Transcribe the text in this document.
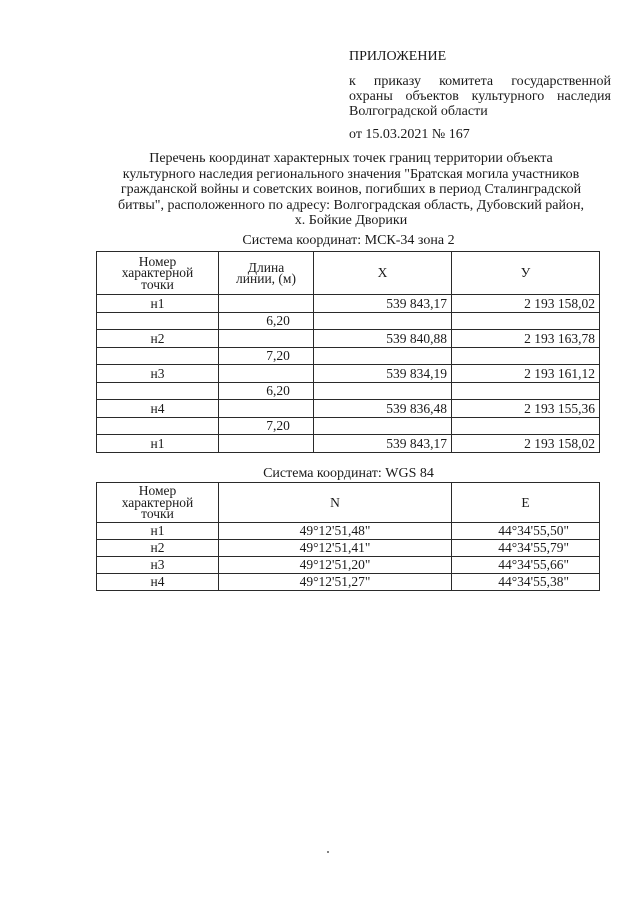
ПРИЛОЖЕНИЕ
к приказу комитета государственной
охраны объектов культурного наследия
Волгоградской области
от 15.03.2021 № 167
Перечень координат характерных точек границ территории объекта
культурного наследия регионального значения "Братская могила участников
гражданской войны и советских воинов, погибших в период Сталинградской
битвы", расположенного по адресу: Волгоградская область, Дубовский район,
х. Бойкие Дворики
Система координат: МСК-34 зона 2
Номер
характерной
точки	Длина
линии, (м)	X	У
н1		539 843,17	2 193 158,02
	6,20		
н2		539 840,88	2 193 163,78
	7,20		
н3		539 834,19	2 193 161,12
	6,20		
н4		539 836,48	2 193 155,36
	7,20		
н1		539 843,17	2 193 158,02
Система координат: WGS 84
Номер
характерной
точки	N	E
н1	49°12'51,48"	44°34'55,50"
н2	49°12'51,41"	44°34'55,79"
н3	49°12'51,20"	44°34'55,66"
н4	49°12'51,27"	44°34'55,38"
